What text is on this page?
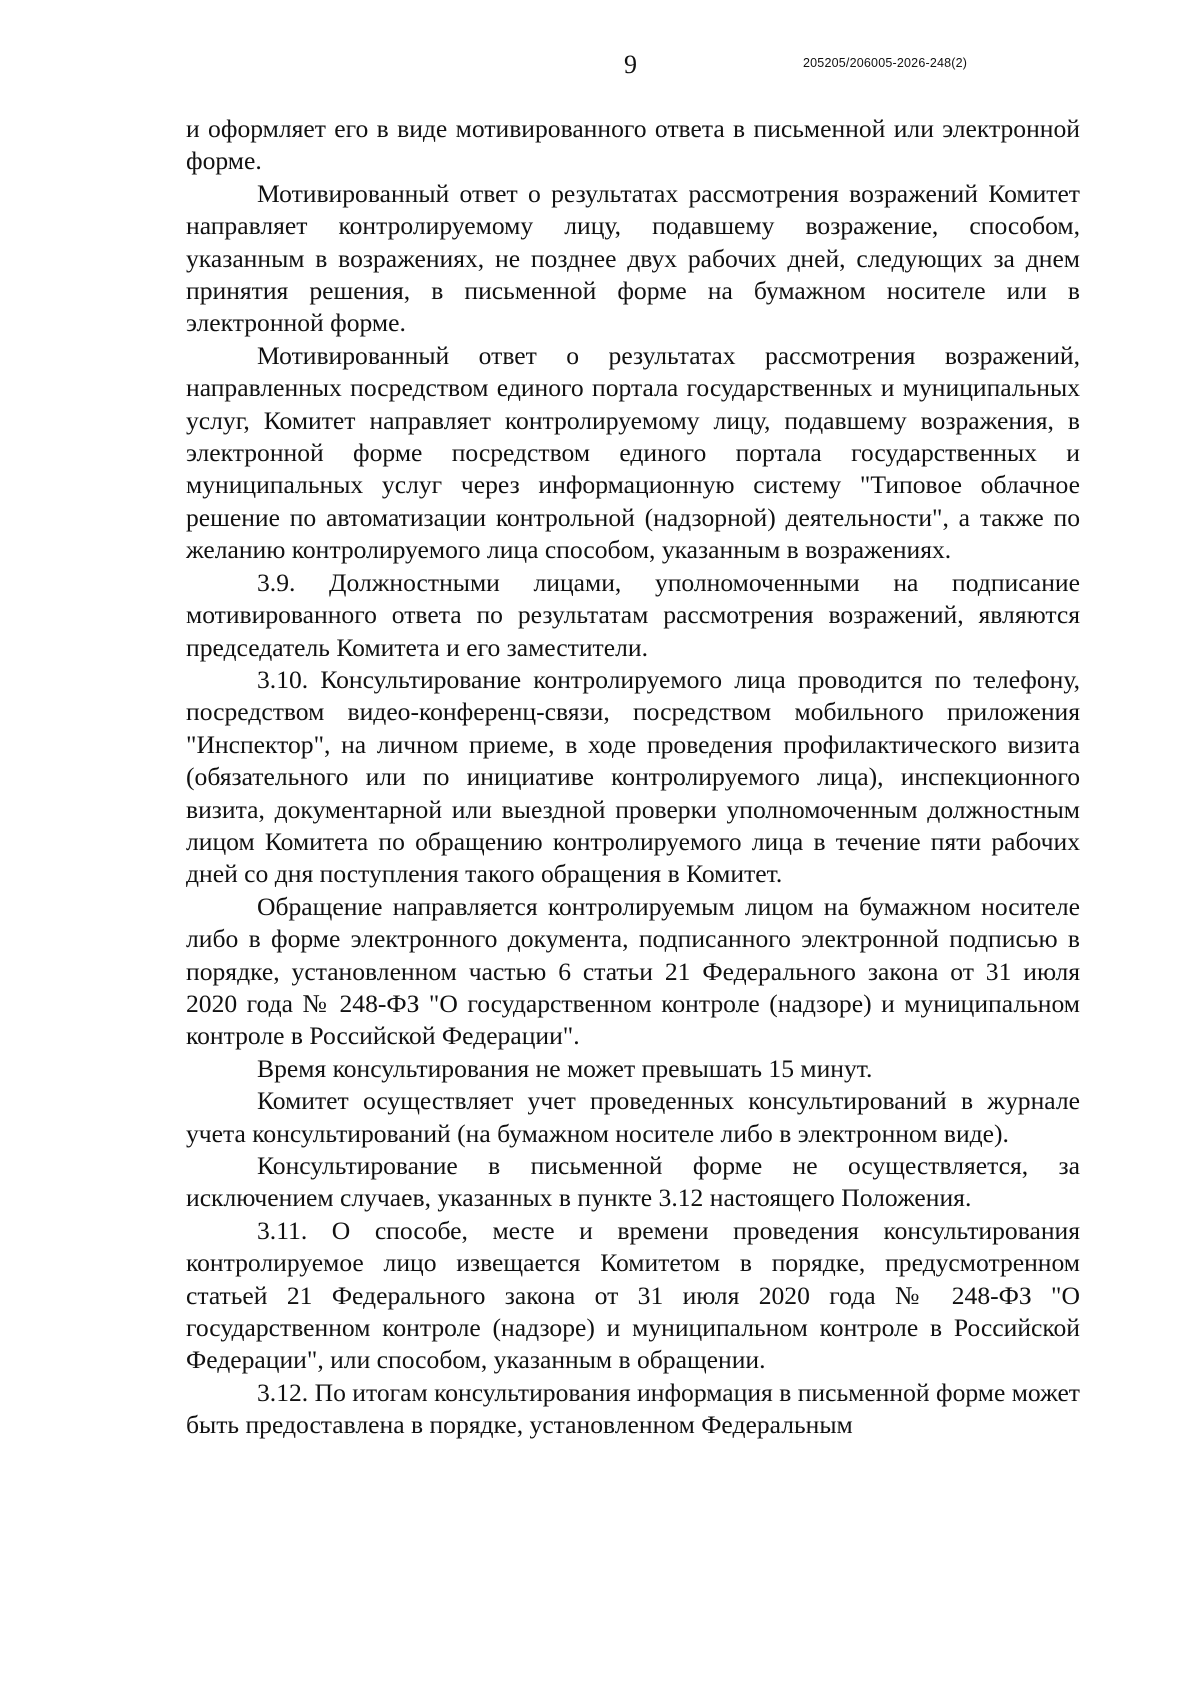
9	205205/206005-2026-248(2)

и оформляет его в виде мотивированного ответа в письменной или электронной форме.

Мотивированный ответ о результатах рассмотрения возражений Комитет направляет контролируемому лицу, подавшему возражение, способом, указанным в возражениях, не позднее двух рабочих дней, следующих за днем принятия решения, в письменной форме на бумажном носителе или в электронной форме.

Мотивированный ответ о результатах рассмотрения возражений, направленных посредством единого портала государственных и муниципальных услуг, Комитет направляет контролируемому лицу, подавшему возражения, в электронной форме посредством единого портала государственных и муниципальных услуг через информационную систему "Типовое облачное решение по автоматизации контрольной (надзорной) деятельности", а также по желанию контролируемого лица способом, указанным в возражениях.

3.9. Должностными лицами, уполномоченными на подписание мотивированного ответа по результатам рассмотрения возражений, являются председатель Комитета и его заместители.

3.10. Консультирование контролируемого лица проводится по телефону, посредством видео-конференц-связи, посредством мобильного приложения "Инспектор", на личном приеме, в ходе проведения профилактического визита (обязательного или по инициативе контролируемого лица), инспекционного визита, документарной или выездной проверки уполномоченным должностным лицом Комитета по обращению контролируемого лица в течение пяти рабочих дней со дня поступления такого обращения в Комитет.

Обращение направляется контролируемым лицом на бумажном носителе либо в форме электронного документа, подписанного электронной подписью в порядке, установленном частью 6 статьи 21 Федерального закона от 31 июля 2020 года № 248-ФЗ "О государственном контроле (надзоре) и муниципальном контроле в Российской Федерации".

Время консультирования не может превышать 15 минут.

Комитет осуществляет учет проведенных консультирований в журнале учета консультирований (на бумажном носителе либо в электронном виде).

Консультирование в письменной форме не осуществляется, за исключением случаев, указанных в пункте 3.12 настоящего Положения.

3.11. О способе, месте и времени проведения консультирования контролируемое лицо извещается Комитетом в порядке, предусмотренном статьей 21 Федерального закона от 31 июля 2020 года № 248-ФЗ "О государственном контроле (надзоре) и муниципальном контроле в Российской Федерации", или способом, указанным в обращении.

3.12. По итогам консультирования информация в письменной форме может быть предоставлена в порядке, установленном Федеральным
